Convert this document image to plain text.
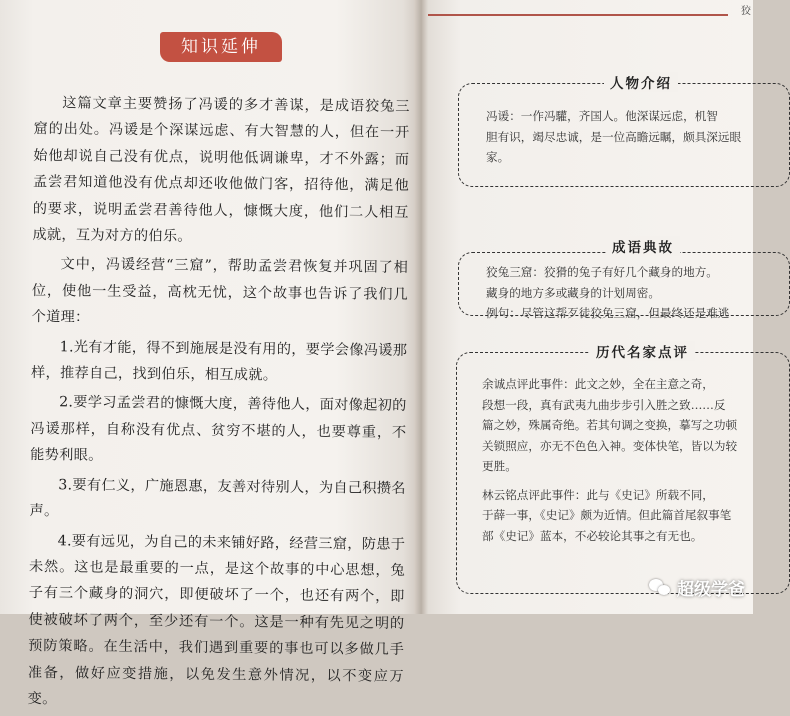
知识延伸

这篇文章主要赞扬了冯谖的多才善谋，是成语狡兔三窟的出处。冯谖是个深谋远虑、有大智慧的人，但在一开始他却说自己没有优点，说明他低调谦卑，才不外露；而孟尝君知道他没有优点却还收他做门客，招待他，满足他的要求，说明孟尝君善待他人，慷慨大度，他们二人相互成就，互为对方的伯乐。

文中，冯谖经营“三窟”，帮助孟尝君恢复并巩固了相位，使他一生受益，高枕无忧，这个故事也告诉了我们几个道理：

1.光有才能，得不到施展是没有用的，要学会像冯谖那样，推荐自己，找到伯乐，相互成就。

2.要学习孟尝君的慷慨大度，善待他人，面对像起初的冯谖那样，自称没有优点、贫穷不堪的人，也要尊重，不能势利眼。

3.要有仁义，广施恩惠，友善对待别人，为自己积攒名声。

4.要有远见，为自己的未来铺好路，经营三窟，防患于未然。这也是最重要的一点，是这个故事的中心思想，兔子有三个藏身的洞穴，即便破坏了一个，也还有两个，即使被破坏了两个，至少还有一个。这是一种有先见之明的预防策略。在生活中，我们遇到重要的事也可以多做几手准备，做好应变措施，以免发生意外情况，以不变应万变。

狡
人物介绍
冯谖：一作冯驩，齐国人。他深谋远虑，机智
胆有识，竭尽忠诚，是一位高瞻远瞩，颇具深远眼
家。
成语典故
狡兔三窟：狡猾的兔子有好几个藏身的地方。
藏身的地方多或藏身的计划周密。
例句：尽管这帮歹徒狡兔三窟，但最终还是难逃
历代名家点评
余诚点评此事件：此文之妙，全在主意之奇，
段想一段，真有武夷九曲步步引入胜之致……反
篇之妙，殊属奇绝。若其句调之变换，摹写之功顿
关锁照应，亦无不色色入神。变体快笔，皆以为较
更胜。
林云铭点评此事件：此与《史记》所载不同，
于薛一事，《史记》颇为近情。但此篇首尾叙事笔
部《史记》蓝本，不必较论其事之有无也。
超级学爸
